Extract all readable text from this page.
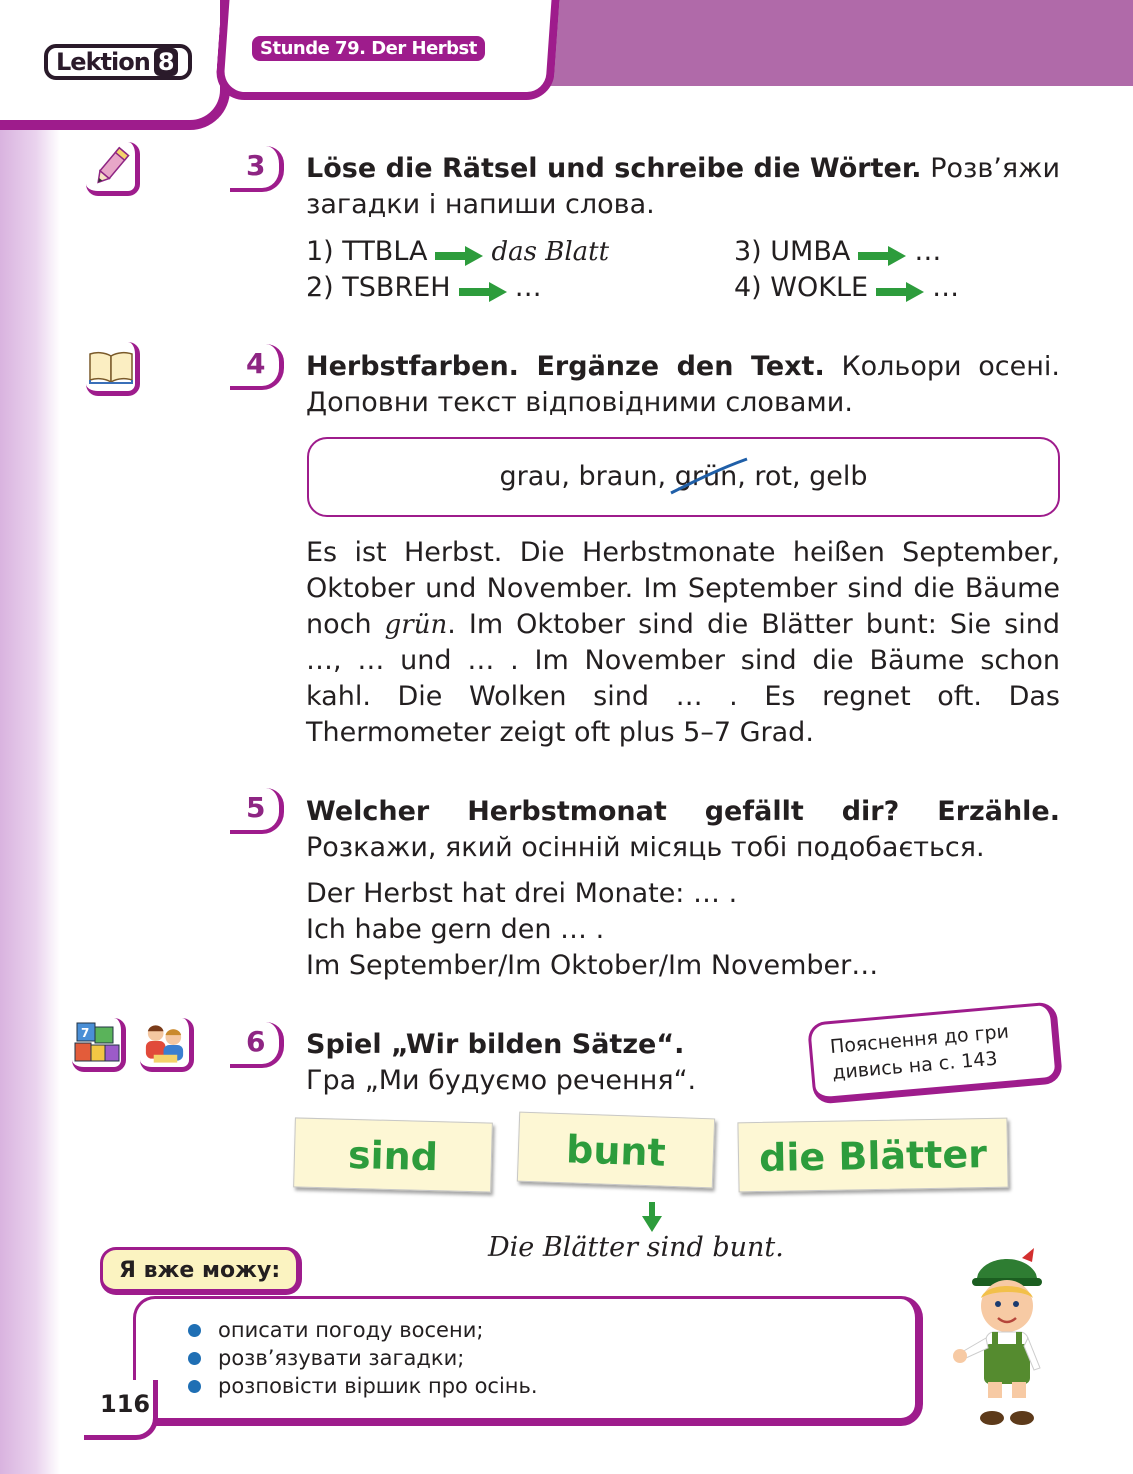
Lektion 8	Stunde 79. Der Herbst
3	Löse die Rätsel und schreibe die Wörter. Розв’яжи загадки і напиши слова.
1) TTBLA das Blatt
2) TSBREH …
3) UMBA …
4) WOKLE …
4	Herbstfarben. Ergänze den Text. Кольори осені. Доповни текст відповідними словами.
grau, braun, grün
, rot, gelb
Es ist Herbst. Die Herbstmonate heißen September, Oktober und November. Im September sind die Bäume noch grün. Im Oktober sind die Blätter bunt: Sie sind …, … und … . Im November sind die Bäume schon kahl. Die Wolken sind … . Es regnet oft. Das Thermometer zeigt oft plus 5–7 Grad.
5	Welcher Herbstmonat gefällt dir? Erzähle. Розкажи, який осінній місяць тобі подобається.
Der Herbst hat drei Monate: … .
Ich habe gern den … .
Im September/Im Oktober/Im November…
7	6	Spiel „Wir bilden Sätze“.
Гра „Ми будуємо речення“.
Пояснення до гри дивись на с. 143
sind	bunt	die Blätter
Die Blätter sind bunt.
Я вже можу:
описати погоду восени;
розв’язувати загадки;
розповісти віршик про осінь.
116
